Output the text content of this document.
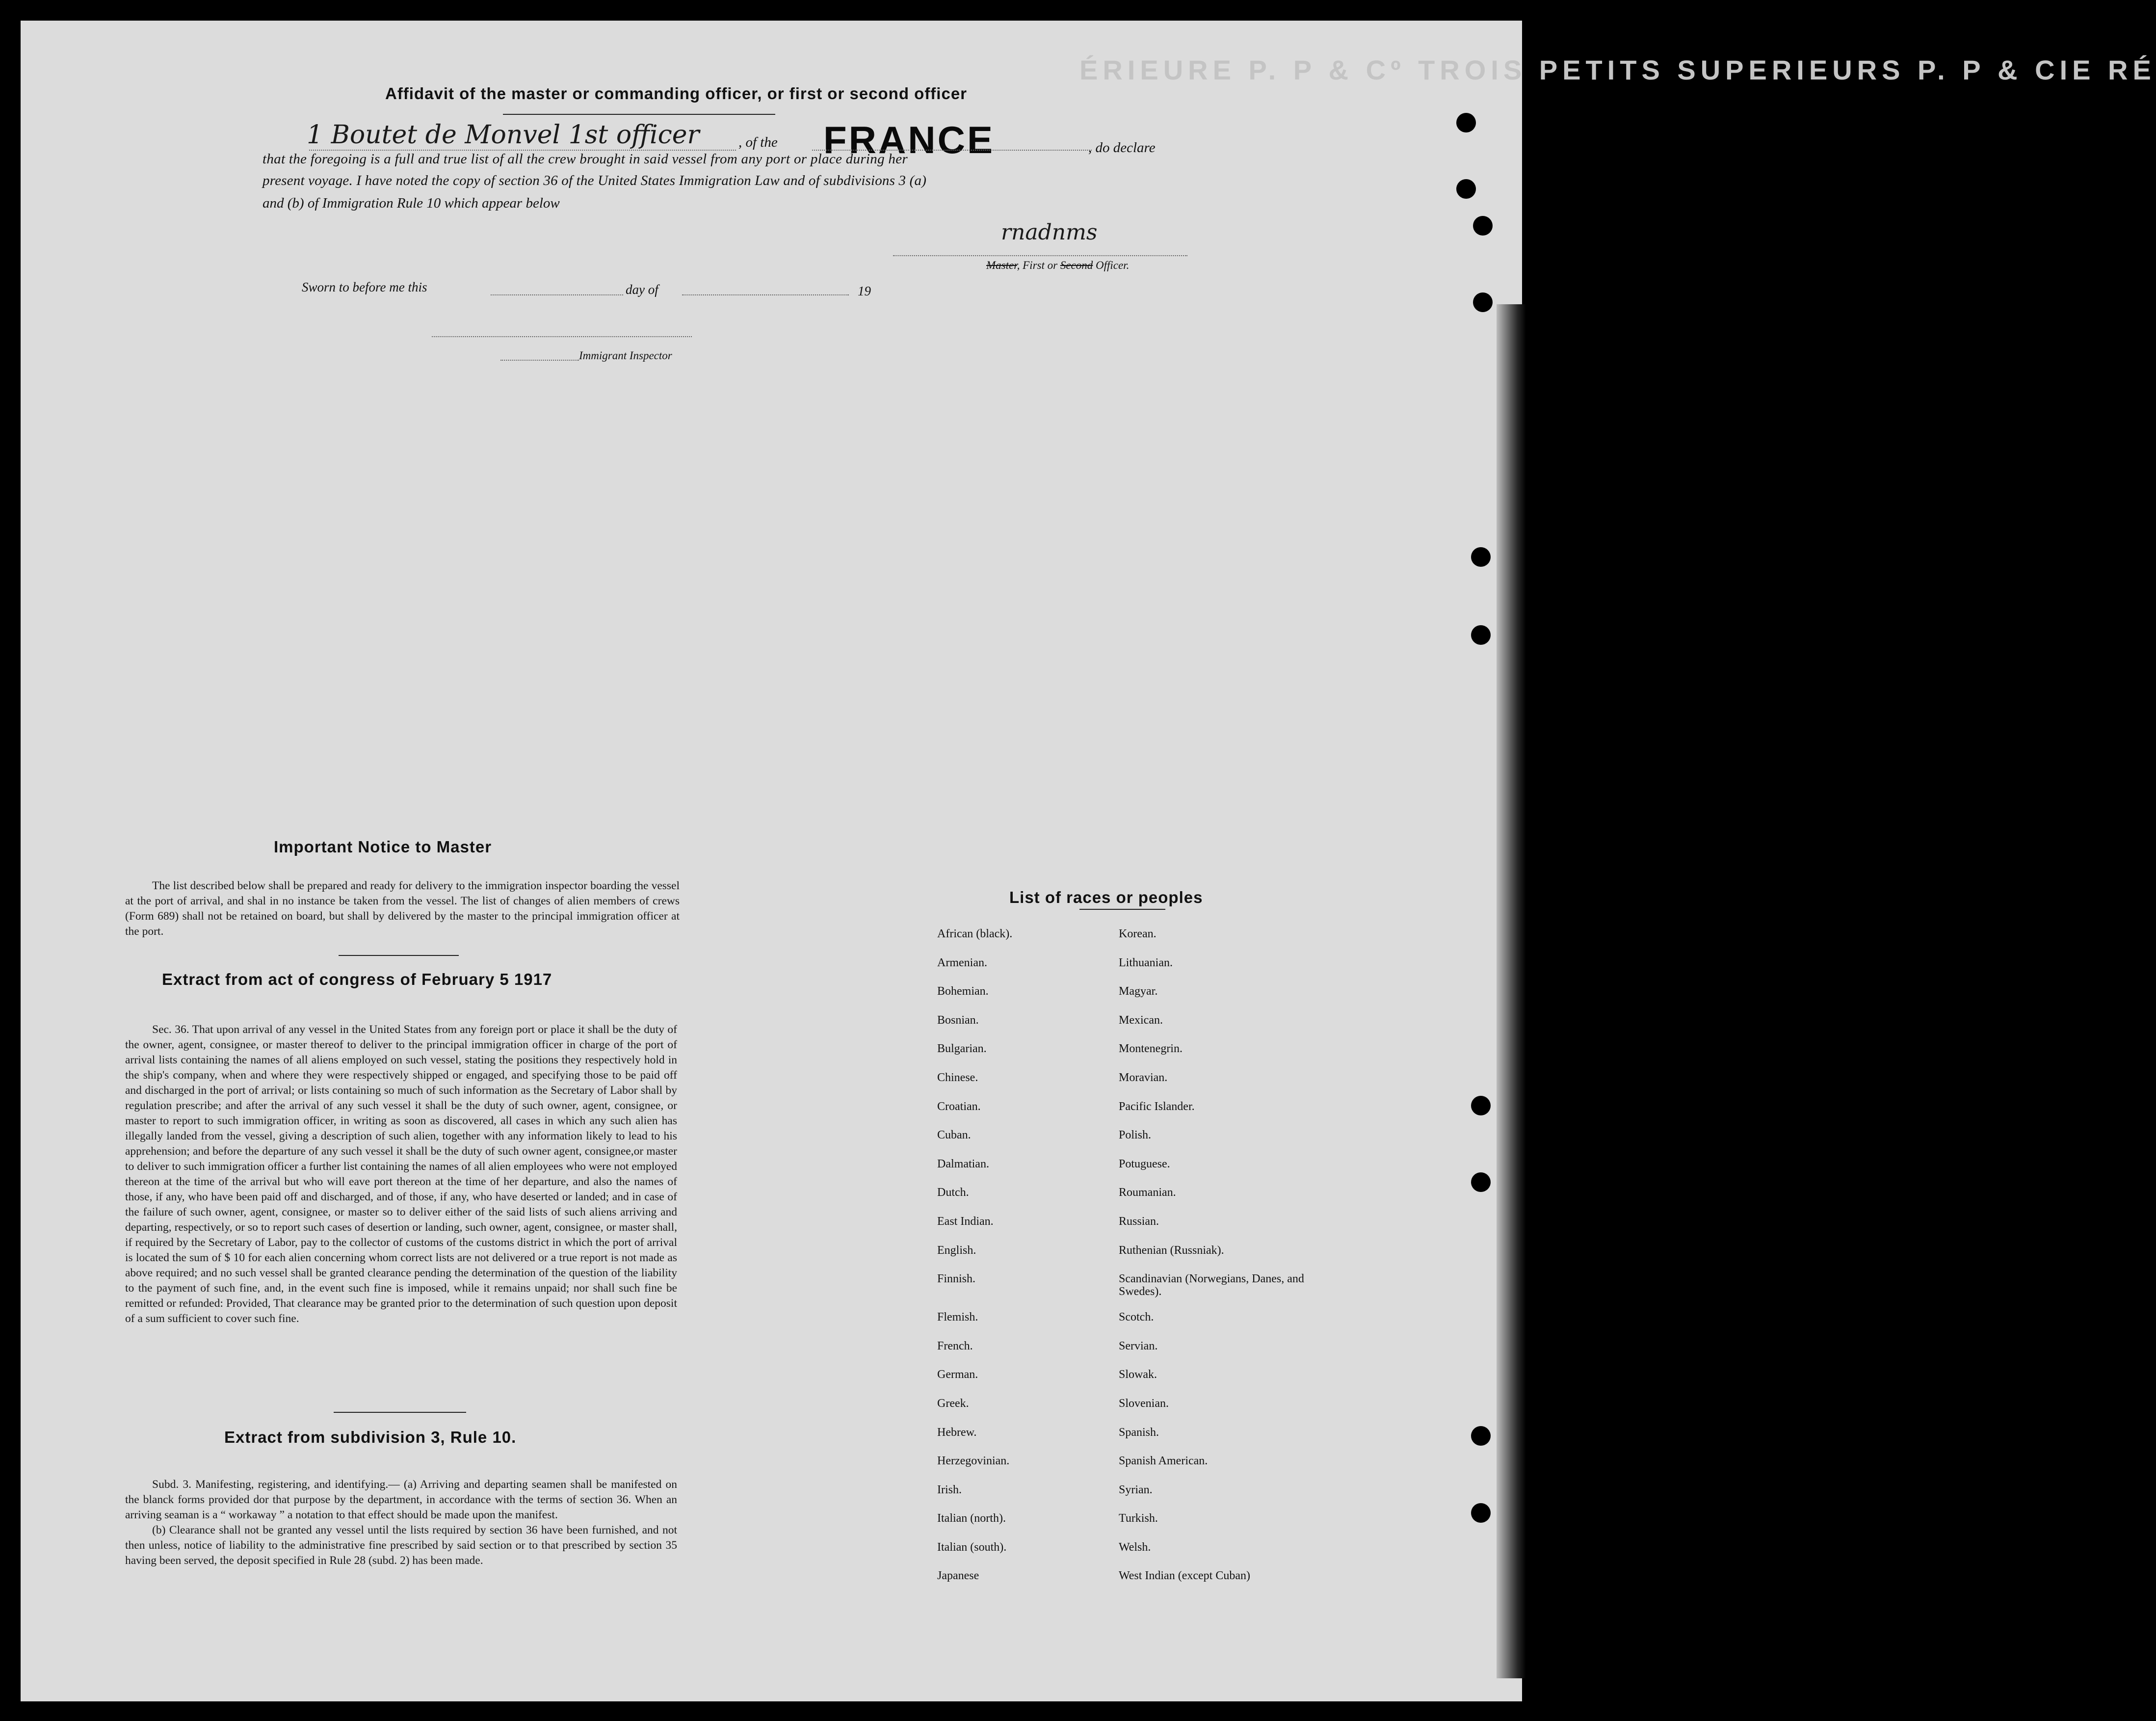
ÉRIEURE P. P & Cº TROIS PETITS SUPERIEURS P. P & CIE RÉ
Affidavit of the master or commanding officer, or first or second officer
1 Boutet de Monvel 1st officer	, of the FRANCE	, do declare
that the foregoing is a full and true list of all the crew brought in said vessel from any port or place during her
present voyage. I have noted the copy of section 36 of the United States Immigration Law and of subdivisions 3 (a)
and (b) of Immigration Rule 10 which appear below
rnadnms
Master, First or Second Officer.
Sworn to before me this	day of	19
Immigrant Inspector
Important Notice to Master

The list described below shall be prepared and ready for delivery to the immigration inspector boarding the vessel at the port of arrival, and shal in no instance be taken from the vessel. The list of changes of alien members of crews (Form 689) shall not be retained on board, but shall by delivered by the master to the principal immigration officer at the port.

Extract from act of congress of February 5 1917

Sec. 36. That upon arrival of any vessel in the United States from any foreign port or place it shall be the duty of the owner, agent, consignee, or master thereof to deliver to the principal immigration officer in charge of the port of arrival lists containing the names of all aliens employed on such vessel, stating the positions they respectively hold in the ship's company, when and where they were respectively shipped or engaged, and specifying those to be paid off and discharged in the port of arrival; or lists containing so much of such information as the Secretary of Labor shall by regulation prescribe; and after the arrival of any such vessel it shall be the duty of such owner, agent, consignee, or master to report to such immigration officer, in writing as soon as discovered, all cases in which any such alien has illegally landed from the vessel, giving a description of such alien, together with any information likely to lead to his apprehension; and before the departure of any such vessel it shall be the duty of such owner agent, consignee,or master to deliver to such immigration officer a further list containing the names of all alien employees who were not employed thereon at the time of the arrival but who will eave port thereon at the time of her departure, and also the names of those, if any, who have been paid off and discharged, and of those, if any, who have deserted or landed; and in case of the failure of such owner, agent, consignee, or master so to deliver either of the said lists of such aliens arriving and departing, respectively, or so to report such cases of desertion or landing, such owner, agent, consignee, or master shall, if required by the Secretary of Labor, pay to the collector of customs of the customs district in which the port of arrival is located the sum of $ 10 for each alien concerning whom correct lists are not delivered or a true report is not made as above required; and no such vessel shall be granted clearance pending the determination of the question of the liability to the payment of such fine, and, in the event such fine is imposed, while it remains unpaid; nor shall such fine be remitted or refunded: Provided, That clearance may be granted prior to the determination of such question upon deposit of a sum sufficient to cover such fine.

Extract from subdivision 3, Rule 10.

Subd. 3. Manifesting, registering, and identifying.— (a) Arriving and departing seamen shall be manifested on the blanck forms provided dor that purpose by the department, in accordance with the terms of section 36. When an arriving seaman is a “ workaway ” a notation to that effect should be made upon the manifest.

(b) Clearance shall not be granted any vessel until the lists required by section 36 have been furnished, and not then unless, notice of liability to the administrative fine prescribed by said section or to that prescribed by section 35 having been served, the deposit specified in Rule 28 (subd. 2) has been made.

List of races or peoples
African (black).	Korean.
Armenian.	Lithuanian.
Bohemian.	Magyar.
Bosnian.	Mexican.
Bulgarian.	Montenegrin.
Chinese.	Moravian.
Croatian.	Pacific Islander.
Cuban.	Polish.
Dalmatian.	Potuguese.
Dutch.	Roumanian.
East Indian.	Russian.
English.	Ruthenian (Russniak).
Finnish.	Scandinavian (Norwegians, Danes, and Swedes).
Flemish.	Scotch.
French.	Servian.
German.	Slowak.
Greek.	Slovenian.
Hebrew.	Spanish.
Herzegovinian.	Spanish American.
Irish.	Syrian.
Italian (north).	Turkish.
Italian (south).	Welsh.
Japanese	West Indian (except Cuban)
